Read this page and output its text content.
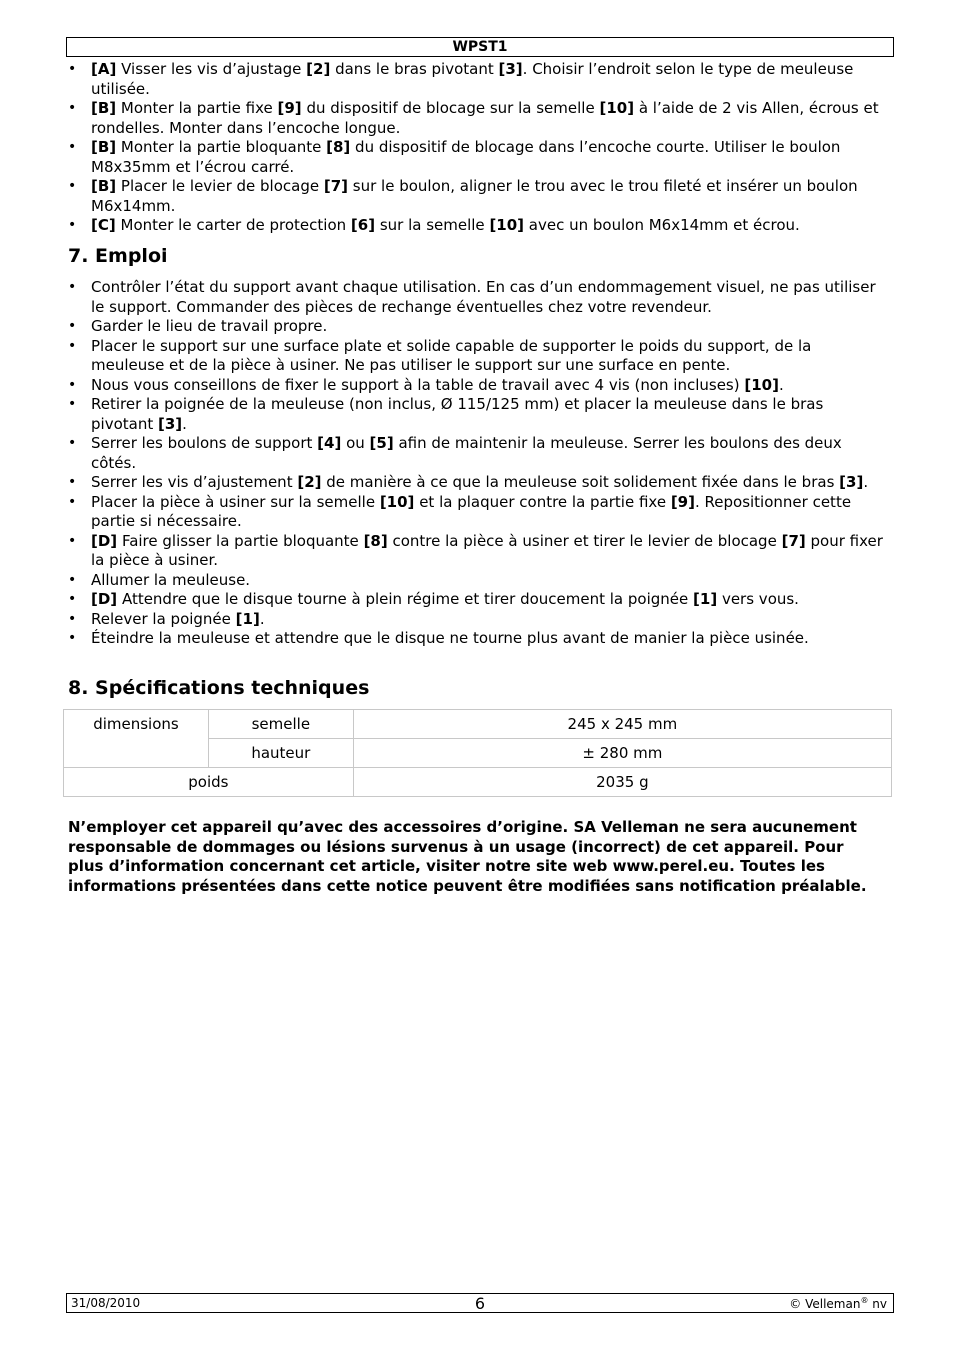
WPST1
• [A] Visser les vis d’ajustage [2] dans le bras pivotant [3]. Choisir l’endroit selon le type de meuleuse utilisée.
• [B] Monter la partie fixe [9] du dispositif de blocage sur la semelle [10] à l’aide de 2 vis Allen, écrous et rondelles. Monter dans l’encoche longue.
• [B] Monter la partie bloquante [8] du dispositif de blocage dans l’encoche courte. Utiliser le boulon M8x35mm et l’écrou carré.
• [B] Placer le levier de blocage [7] sur le boulon, aligner le trou avec le trou fileté et insérer un boulon M6x14mm.
• [C] Monter le carter de protection [6] sur la semelle [10] avec un boulon M6x14mm et écrou.
7. Emploi
• Contrôler l’état du support avant chaque utilisation. En cas d’un endommagement visuel, ne pas utiliser le support. Commander des pièces de rechange éventuelles chez votre revendeur.
• Garder le lieu de travail propre.
• Placer le support sur une surface plate et solide capable de supporter le poids du support, de la meuleuse et de la pièce à usiner. Ne pas utiliser le support sur une surface en pente.
• Nous vous conseillons de fixer le support à la table de travail avec 4 vis (non incluses) [10].
• Retirer la poignée de la meuleuse (non inclus, Ø 115/125 mm) et placer la meuleuse dans le bras pivotant [3].
• Serrer les boulons de support [4] ou [5] afin de maintenir la meuleuse. Serrer les boulons des deux côtés.
• Serrer les vis d’ajustement [2] de manière à ce que la meuleuse soit solidement fixée dans le bras [3].
• Placer la pièce à usiner sur la semelle [10] et la plaquer contre la partie fixe [9]. Repositionner cette partie si nécessaire.
• [D] Faire glisser la partie bloquante [8] contre la pièce à usiner et tirer le levier de blocage [7] pour fixer la pièce à usiner.
• Allumer la meuleuse.
• [D] Attendre que le disque tourne à plein régime et tirer doucement la poignée [1] vers vous.
• Relever la poignée [1].
• Éteindre la meuleuse et attendre que le disque ne tourne plus avant de manier la pièce usinée.
8. Spécifications techniques
dimensions	semelle	245 x 245 mm
	hauteur	± 280 mm
poids		2035 g

N’employer cet appareil qu’avec des accessoires d’origine. SA Velleman ne sera aucunement responsable de dommages ou lésions survenus à un usage (incorrect) de cet appareil. Pour plus d’information concernant cet article, visiter notre site web www.perel.eu. Toutes les informations présentées dans cette notice peuvent être modifiées sans notification préalable.

31/08/2010	6	© Velleman® nv
